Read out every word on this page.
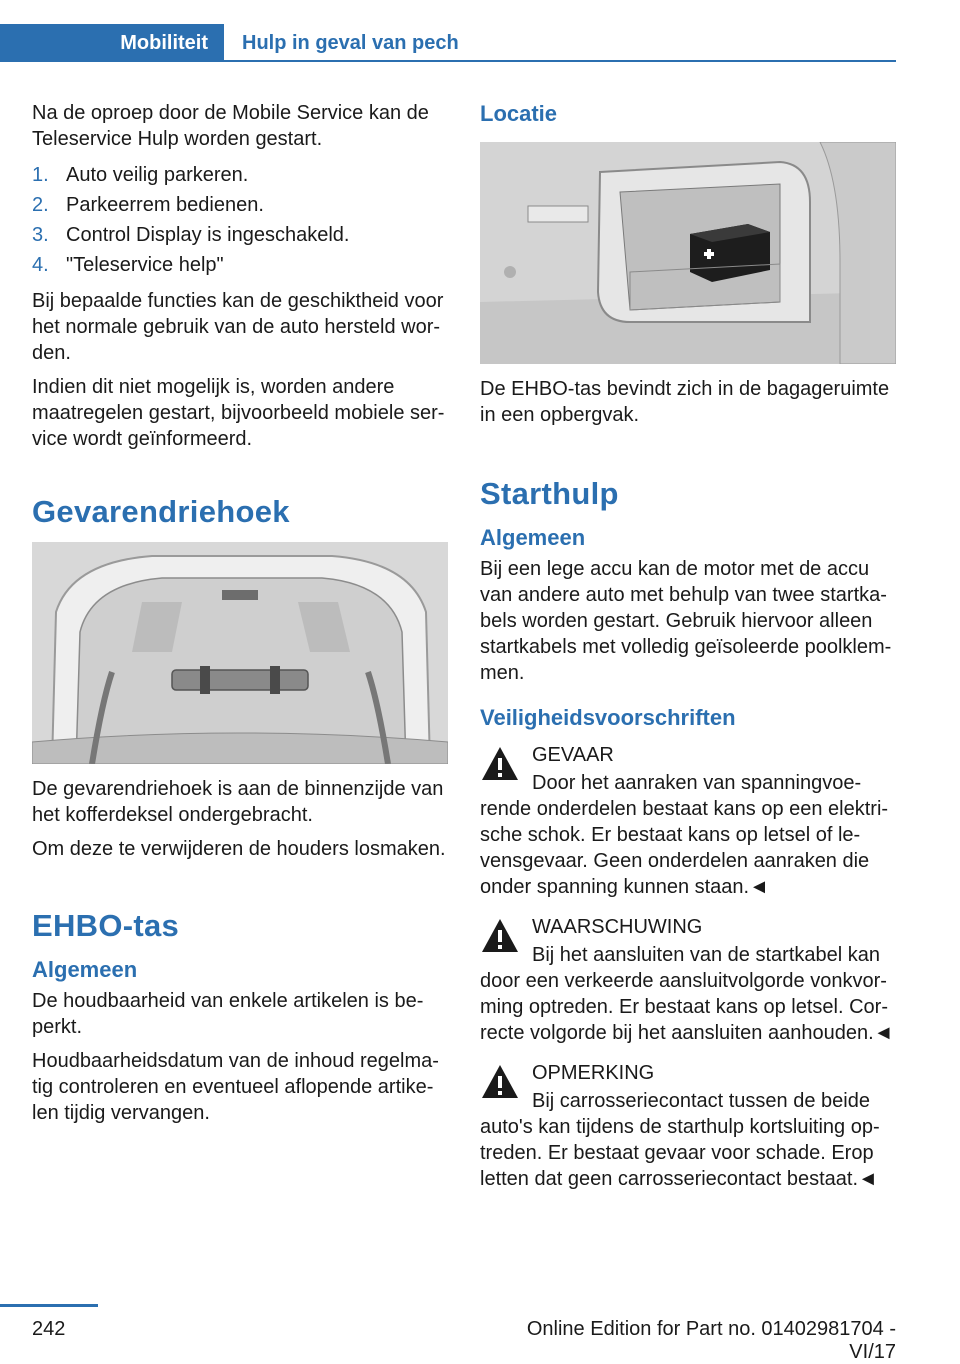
Mobiliteit	Hulp in geval van pech

Na de oproep door de Mobile Service kan de Teleservice Hulp worden gestart.

1. Auto veilig parkeren.
2. Parkeerrem bedienen.
3. Control Display is ingeschakeld.
4. "Teleservice help"

Bij bepaalde functies kan de geschiktheid voor het normale gebruik van de auto hersteld wor-den.

Indien dit niet mogelijk is, worden andere maatregelen gestart, bijvoorbeeld mobiele ser-vice wordt geïnformeerd.

Gevarendriehoek

De gevarendriehoek is aan de binnenzijde van het kofferdeksel ondergebracht.

Om deze te verwijderen de houders losmaken.

EHBO-tas
Algemeen

De houdbaarheid van enkele artikelen is be-perkt.

Houdbaarheidsdatum van de inhoud regelma-tig controleren en eventueel aflopende artike-len tijdig vervangen.

Locatie

De EHBO-tas bevindt zich in de bagageruimte in een opbergvak.

Starthulp
Algemeen

Bij een lege accu kan de motor met de accu van andere auto met behulp van twee startka-bels worden gestart. Gebruik hiervoor alleen startkabels met volledig geïsoleerde poolklem-men.

Veiligheidsvoorschriften

GEVAAR

Door het aanraken van spanningvoe-rende onderdelen bestaat kans op een elektri-sche schok. Er bestaat kans op letsel of le-vensgevaar. Geen onderdelen aanraken die onder spanning kunnen staan.◄

WAARSCHUWING

Bij het aansluiten van de startkabel kan door een verkeerde aansluitvolgorde vonkvor-ming optreden. Er bestaat kans op letsel. Cor-recte volgorde bij het aansluiten aanhouden.◄

OPMERKING

Bij carrosseriecontact tussen de beide auto's kan tijdens de starthulp kortsluiting op-treden. Er bestaat gevaar voor schade. Erop letten dat geen carrosseriecontact bestaat.◄

242	Online Edition for Part no. 01402981704 - VI/17
